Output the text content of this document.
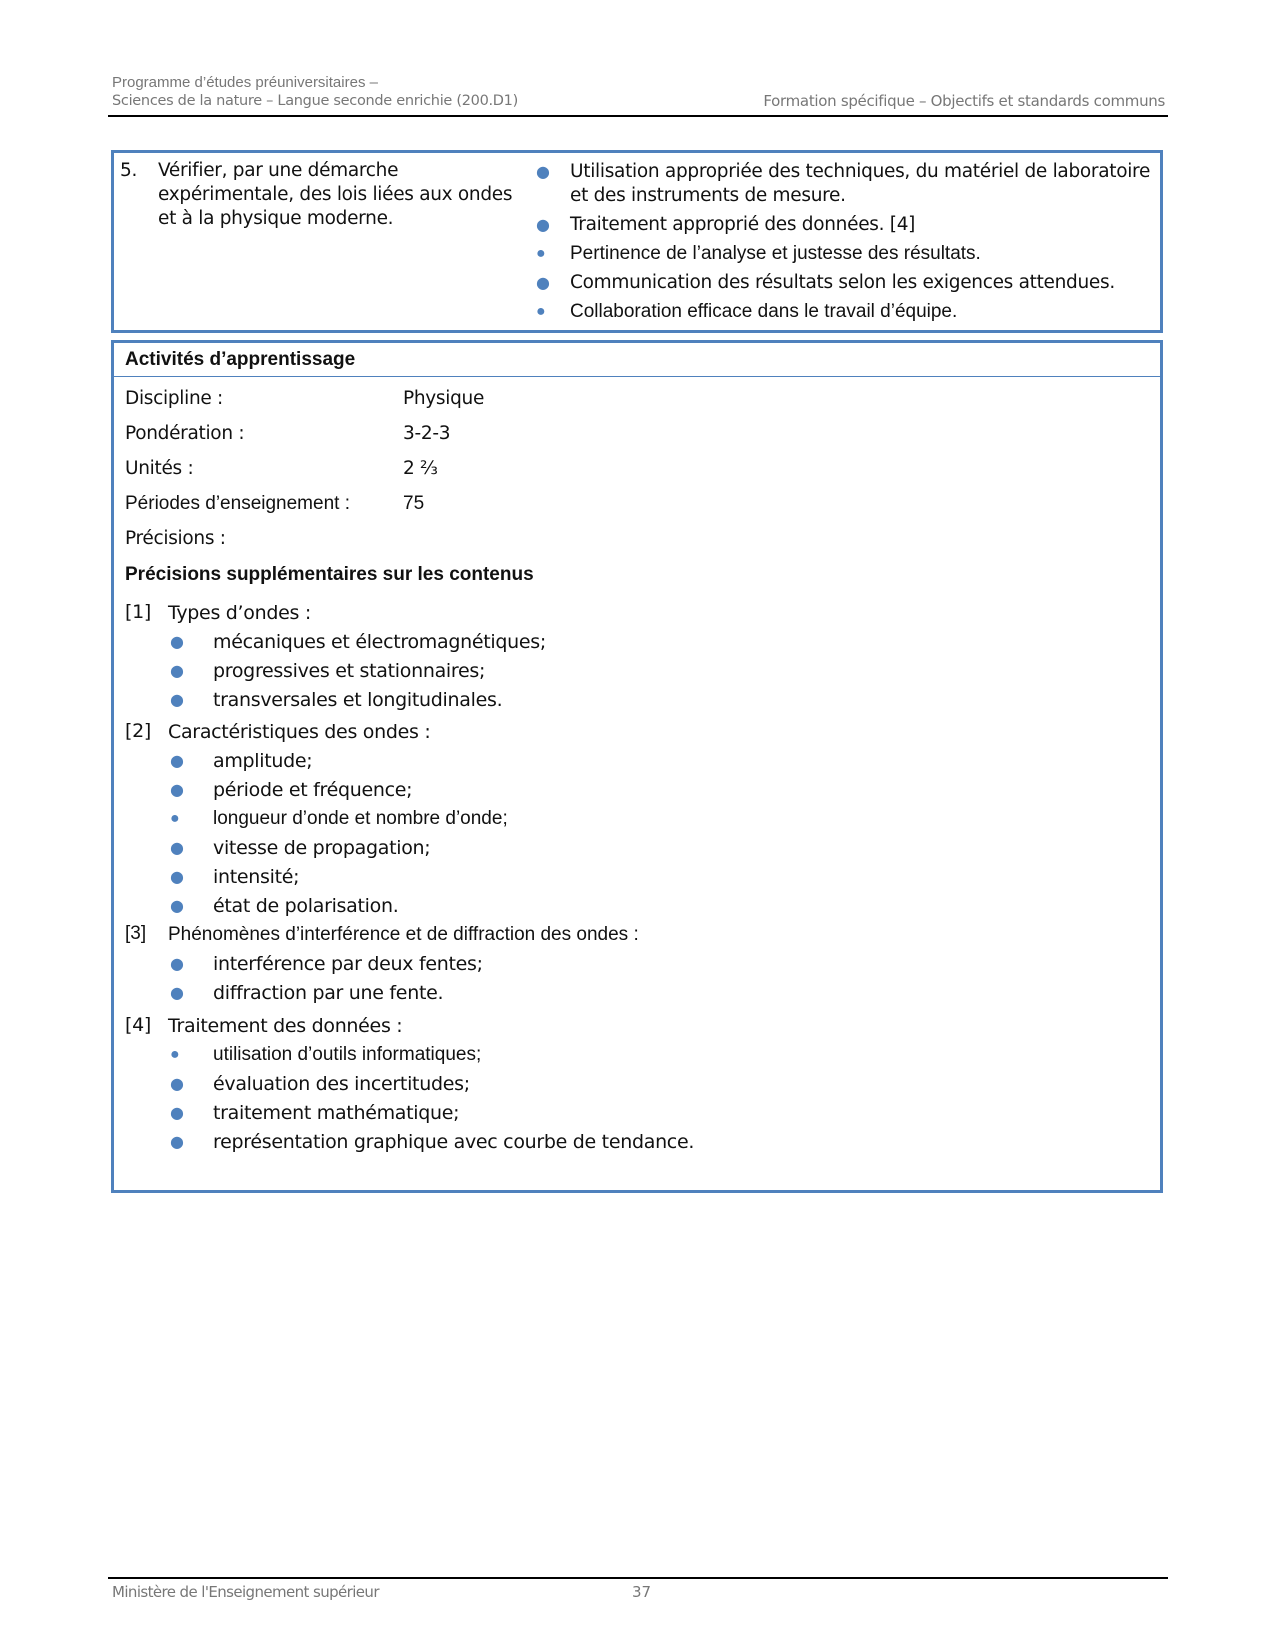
Programme d’études préuniversitaires –
Sciences de la nature – Langue seconde enrichie (200.D1)	Formation spécifique – Objectifs et standards communs
5. Vérifier, par une démarche expérimentale, des lois liées aux ondes et à la physique moderne.
● Utilisation appropriée des techniques, du matériel de laboratoire et des instruments de mesure.
● Traitement approprié des données. [4]
● Pertinence de l’analyse et justesse des résultats.
● Communication des résultats selon les exigences attendues.
● Collaboration efficace dans le travail d’équipe.
Activités d’apprentissage
Discipline :	Physique
Pondération :	3-2-3
Unités :	2 ⅔
Périodes d’enseignement :	75
Précisions :
Précisions supplémentaires sur les contenus
[1] Types d’ondes :
● mécaniques et électromagnétiques;
● progressives et stationnaires;
● transversales et longitudinales.
[2] Caractéristiques des ondes :
● amplitude;
● période et fréquence;
● longueur d’onde et nombre d’onde;
● vitesse de propagation;
● intensité;
● état de polarisation.
[3] Phénomènes d’interférence et de diffraction des ondes :
● interférence par deux fentes;
● diffraction par une fente.
[4] Traitement des données :
● utilisation d’outils informatiques;
● évaluation des incertitudes;
● traitement mathématique;
● représentation graphique avec courbe de tendance.
Ministère de l'Enseignement supérieur	37
